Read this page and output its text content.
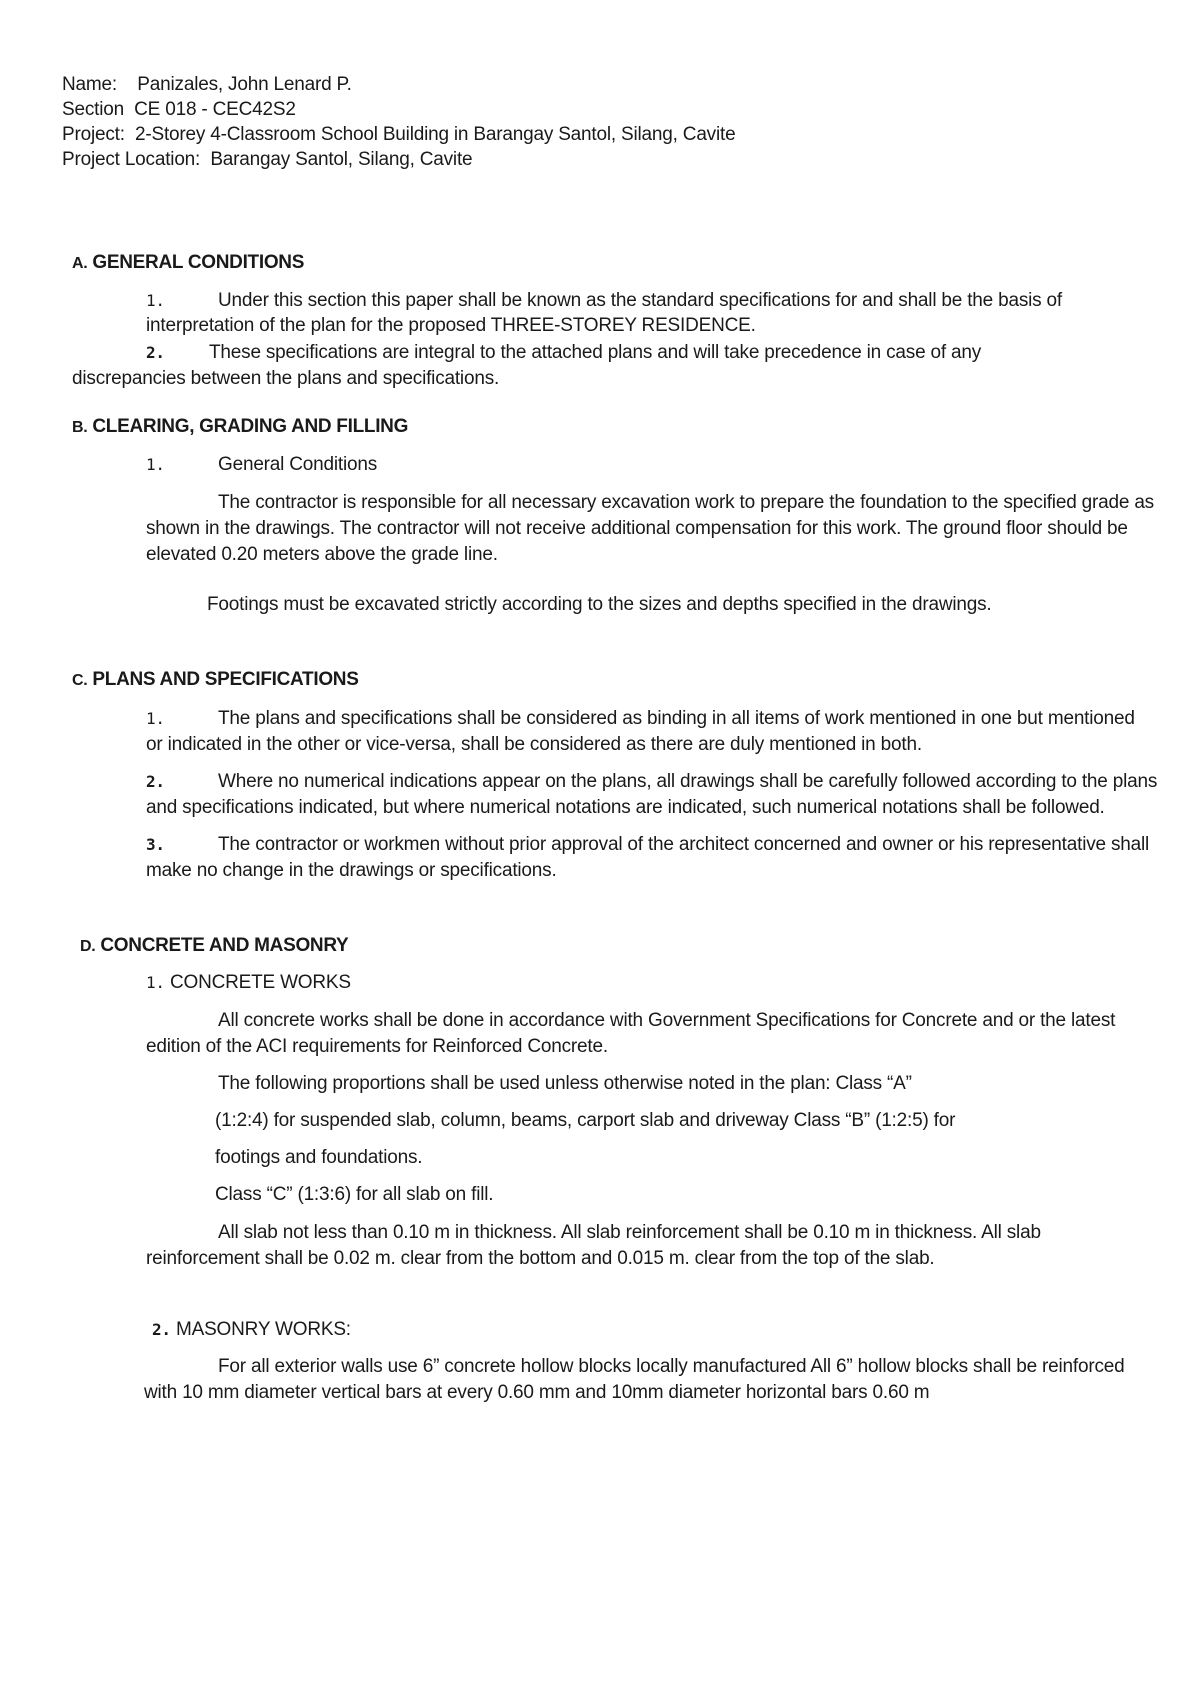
Name: Panizales, John Lenard P.
Section CE 018 - CEC42S2
Project: 2-Storey 4-Classroom School Building in Barangay Santol, Silang, Cavite
Project Location: Barangay Santol, Silang, Cavite
A. GENERAL CONDITIONS
1.	Under this section this paper shall be known as the standard specifications for and shall be the basis of
interpretation of the plan for the proposed THREE-STOREY RESIDENCE.
2. These specifications are integral to the attached plans and will take precedence in case of any
discrepancies between the plans and specifications.
B. CLEARING, GRADING AND FILLING
1.	General Conditions
The contractor is responsible for all necessary excavation work to prepare the foundation to the specified grade as
shown in the drawings. The contractor will not receive additional compensation for this work. The ground floor should be
elevated 0.20 meters above the grade line.
Footings must be excavated strictly according to the sizes and depths specified in the drawings.
C. PLANS AND SPECIFICATIONS
1.	The plans and specifications shall be considered as binding in all items of work mentioned in one but mentioned
or indicated in the other or vice-versa, shall be considered as there are duly mentioned in both.
2.	Where no numerical indications appear on the plans, all drawings shall be carefully followed according to the plans
and specifications indicated, but where numerical notations are indicated, such numerical notations shall be followed.
3.	The contractor or workmen without prior approval of the architect concerned and owner or his representative shall
make no change in the drawings or specifications.
D. CONCRETE AND MASONRY
1. CONCRETE WORKS
All concrete works shall be done in accordance with Government Specifications for Concrete and or the latest
edition of the ACI requirements for Reinforced Concrete.
The following proportions shall be used unless otherwise noted in the plan: Class “A”
(1:2:4) for suspended slab, column, beams, carport slab and driveway Class “B” (1:2:5) for
footings and foundations.
Class “C” (1:3:6) for all slab on fill.
All slab not less than 0.10 m in thickness. All slab reinforcement shall be 0.10 m in thickness. All slab
reinforcement shall be 0.02 m. clear from the bottom and 0.015 m. clear from the top of the slab.
2. MASONRY WORKS:
For all exterior walls use 6” concrete hollow blocks locally manufactured All 6” hollow blocks shall be reinforced
with 10 mm diameter vertical bars at every 0.60 mm and 10mm diameter horizontal bars 0.60 m
